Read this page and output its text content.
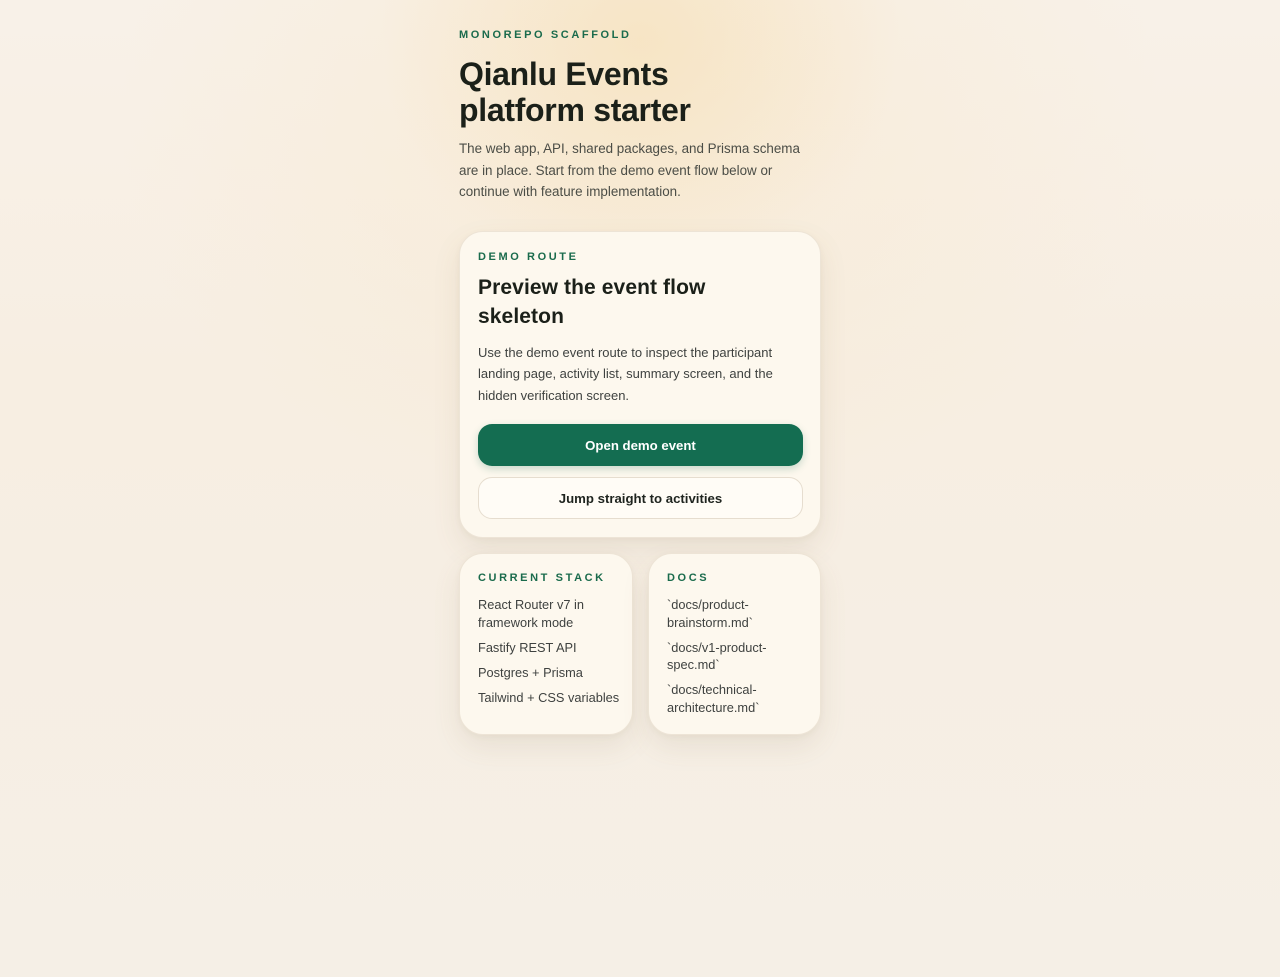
MONOREPO SCAFFOLD
Qianlu Events platform starter

The web app, API, shared packages, and Prisma schema are in place. Start from the demo event flow below or continue with feature implementation.

DEMO ROUTE
Preview the event flow skeleton

Use the demo event route to inspect the participant landing page, activity list, summary screen, and the hidden verification screen.

Open demo event
Jump straight to activities
CURRENT STACK
React Router v7 in framework mode
Fastify REST API
Postgres + Prisma
Tailwind + CSS variables
DOCS
`docs/product-brainstorm.md`
`docs/v1-product-spec.md`
`docs/technical-architecture.md`
